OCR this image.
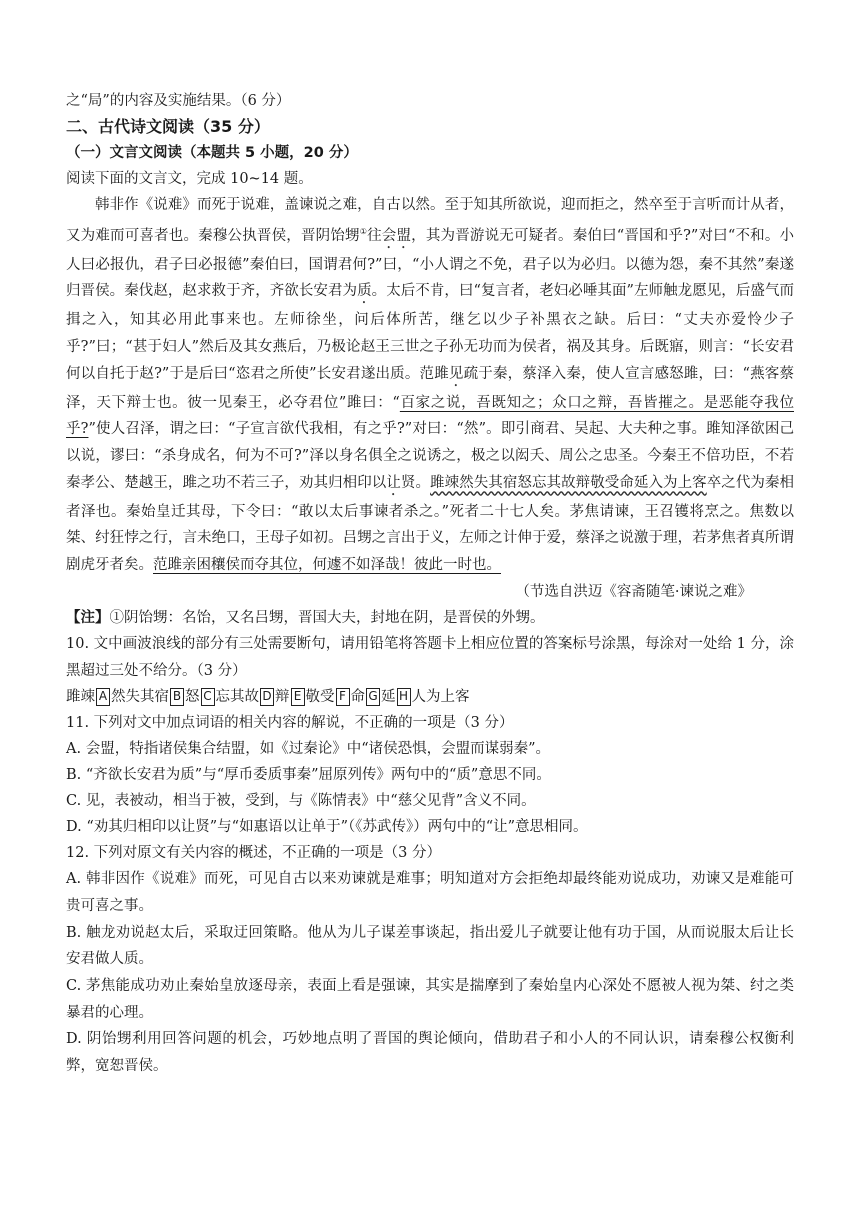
之“局”的内容及实施结果。（6 分）
二、古代诗文阅读（35 分）
（一）文言文阅读（本题共 5 小题，20 分）
阅读下面的文言文，完成 10~14 题。
韩非作《说难》而死于说难，盖谏说之难，自古以然。至于知其所欲说，迎而拒之，然卒至于言听而计从者，又为难而可喜者也。秦穆公执晋侯，晋阴饴甥①往会盟，其为晋游说无可疑者。秦伯曰“晋国和乎?”对曰“不和。小人曰必报仇，君子曰必报德”秦伯曰，国谓君何?”曰，“小人谓之不免，君子以为必归。以德为怨，秦不其然”秦遂归晋侯。秦伐赵，赵求救于齐，齐欲长安君为质。太后不肯，曰“复言者，老妇必唾其面”左师触龙愿见，后盛气而揖之入，知其必用此事来也。左师徐坐，问后体所苦，继乞以少子补黑衣之缺。后曰：“丈夫亦爱怜少子乎?”曰；“甚于妇人”然后及其女燕后，乃极论赵王三世之子孙无功而为侯者，祸及其身。后既寤，则言：“长安君何以自托于赵?”于是后曰“恣君之所使”长安君遂出质。范雎见疏于秦，蔡泽入秦，使人宣言感怒雎，曰：“燕客蔡泽，天下辩士也。彼一见秦王，必夺君位”雎曰：“百家之说，吾既知之；众口之辩，吾皆摧之。是恶能夺我位乎?”使人召泽，谓之曰：“子宣言欲代我相，有之乎?”对曰：“然”。即引商君、吴起、大夫种之事。雎知泽欲困己以说，谬曰：“杀身成名，何为不可?”泽以身名俱全之说诱之，极之以闳夭、周公之忠圣。今秦王不倍功臣，不若秦孝公、楚越王，雎之功不若三子，劝其归相印以让贤。雎竦然失其宿怒忘其故辩敬受命延入为上客卒之代为秦相者泽也。秦始皇迁其母，下令曰：“敢以太后事谏者杀之。”死者二十七人矣。茅焦请谏，王召镬将烹之。焦数以桀、纣狂悖之行，言未绝口，王母子如初。吕甥之言出于义，左师之计伸于爱，蔡泽之说激于理，若茅焦者真所谓剧虎牙者矣。范雎亲困穰侯而夺其位，何遽不如泽哉！彼此一时也。
（节选自洪迈《容斋随笔·谏说之难》
【注】①阴饴甥：名饴，又名吕甥，晋国大夫，封地在阴，是晋侯的外甥。
10. 文中画波浪线的部分有三处需要断句，请用铅笔将答题卡上相应位置的答案标号涂黑，每涂对一处给 1 分，涂黑超过三处不给分。（3 分）
雎竦 A 然失其宿 B 怒 C 忘其故 D 辩 E 敬受 F 命 G 延 H 人为上客
11. 下列对文中加点词语的相关内容的解说，不正确的一项是（3 分）
A. 会盟，特指诸侯集合结盟，如《过秦论》中“诸侯恐惧，会盟而谋弱秦”。
B. “齐欲长安君为质”与“厚币委质事秦”屈原列传》两句中的“质”意思不同。
C. 见，表被动，相当于被，受到，与《陈情表》中“慈父见背”含义不同。
D. “劝其归相印以让贤”与“如惠语以让单于”（《苏武传》）两句中的“让”意思相同。
12. 下列对原文有关内容的概述，不正确的一项是（3 分）
A. 韩非因作《说难》而死，可见自古以来劝谏就是难事；明知道对方会拒绝却最终能劝说成功，劝谏又是难能可贵可喜之事。
B. 触龙劝说赵太后，采取迂回策略。他从为儿子谋差事谈起，指出爱儿子就要让他有功于国，从而说服太后让长安君做人质。
C. 茅焦能成功劝止秦始皇放逐母亲，表面上看是强谏，其实是揣摩到了秦始皇内心深处不愿被人视为桀、纣之类暴君的心理。
D. 阴饴甥利用回答问题的机会，巧妙地点明了晋国的舆论倾向，借助君子和小人的不同认识，请秦穆公权衡利弊，宽恕晋侯。
